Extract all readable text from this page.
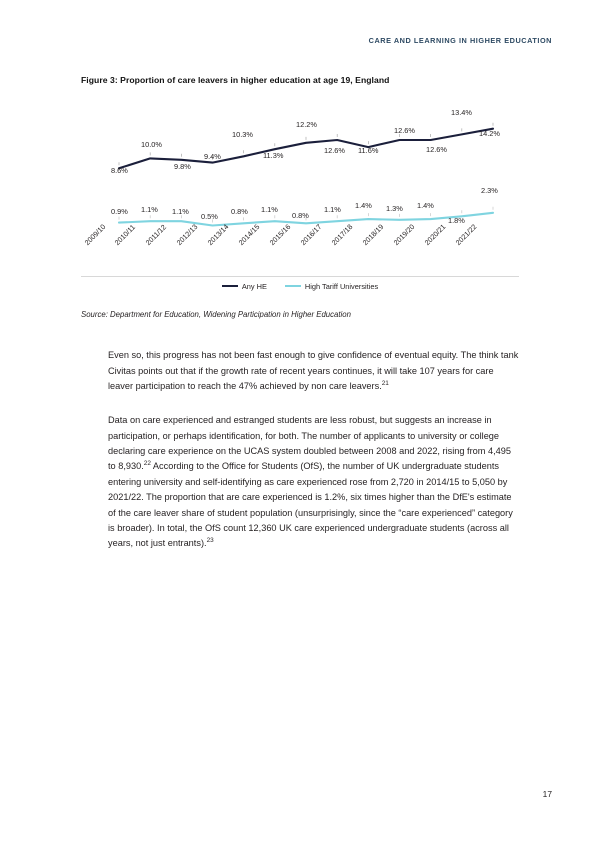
CARE AND LEARNING IN HIGHER EDUCATION
Figure 3: Proportion of care leavers in higher education at age 19, England
8.6%
10.0%
9.8%
9.4%
10.3%
11.3%
12.2%
12.6% 11.6%
12.6%
12.6%
13.4%
14.2%
0.9% 1.1% 1.1%
0.5%
0.8% 1.1%
0.8%
1.1% 1.4% 1.3% 1.4%
1.8%
2.3%
2009/10 2010/11 2011/12 2012/13 2013/14 2014/15 2015/16 2016/17 2017/18 2018/19 2019/20 2020/21 2021/22
Any HE	High Tariff Universities
Source: Department for Education, Widening Participation in Higher Education

Even so, this progress has not been fast enough to give confidence of eventual equity. The think tank Civitas points out that if the growth rate of recent years continues, it will take 107 years for care leaver participation to reach the 47% achieved by non care leavers.$^{21}$

Data on care experienced and estranged students are less robust, but suggests an increase in participation, or perhaps identification, for both. The number of applicants to university or college declaring care experience on the UCAS system doubled between 2008 and 2022, rising from 4,495 to 8,930.22 According to the Office for Students (OfS), the number of UK undergraduate students entering university and self-identifying as care experienced rose from 2,720 in 2014/15 to 5,050 by 2021/22. The proportion that are care experienced is 1.2%, six times higher than the DfE's estimate of the care leaver share of student population (unsurprisingly, since the “care experienced” category is broader). In total, the OfS count 12,360 UK care experienced undergraduate students (across all years, not just entrants).$^{23}$

17
